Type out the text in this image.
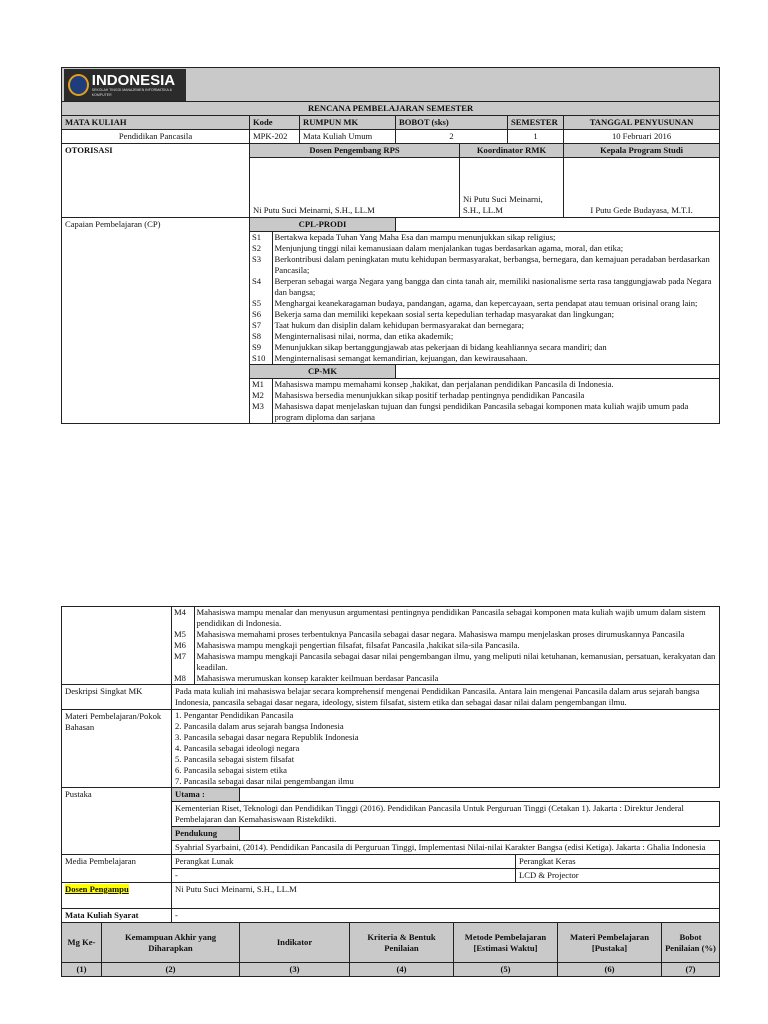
INDONESIA
SEKOLAH TINGGI MANAJEMEN INFORMATIKA & KOMPUTER

RENCANA PEMBELAJARAN SEMESTER
MATA KULIAH	Kode	RUMPUN MK	BOBOT (sks)	SEMESTER	TANGGAL PENYUSUNAN
Pendidikan Pancasila	MPK-202	Mata Kuliah Umum	2	1	10 Februari 2016
OTORISASI	Dosen Pengembang RPS	Koordinator RMK	Kepala Program Studi
Ni Putu Suci Meinarni, S.H., LL.M	Ni Putu Suci Meinarni, S.H., LL.M	I Putu Gede Budayasa, M.T.I.
Capaian Pembelajaran (CP)	CPL-PRODI	

S1	Bertakwa kepada Tuhan Yang Maha Esa dan mampu menunjukkan sikap religius;
S2	Menjunjung tinggi nilai kemanusiaan dalam menjalankan tugas berdasarkan agama, moral, dan etika;
S3	Berkontribusi dalam peningkatan mutu kehidupan bermasyarakat, berbangsa, bernegara, dan kemajuan peradaban berdasarkan Pancasila;
S4	Berperan sebagai warga Negara yang bangga dan cinta tanah air, memiliki nasionalisme serta rasa tanggungjawab pada Negara dan bangsa;
S5	Menghargai keanekaragaman budaya, pandangan, agama, dan kepercayaan, serta pendapat atau temuan orisinal orang lain;
S6	Bekerja sama dan memiliki kepekaan sosial serta kepedulian terhadap masyarakat dan lingkungan;
S7	Taat hukum dan disiplin dalam kehidupan bermasyarakat dan bernegara;
S8	Menginternalisasi nilai, norma, dan etika akademik;
S9	Menunjukkan sikap bertanggungjawab atas pekerjaan di bidang keahliannya secara mandiri; dan
S10	Menginternalisasi semangat kemandirian, kejuangan, dan kewirausahaan.

CP-MK	

M1	Mahasiswa mampu memahami konsep ,hakikat, dan perjalanan pendidikan Pancasila di Indonesia.
M2	Mahasiswa bersedia menunjukkan sikap positif terhadap pentingnya pendidikan Pancasila
M3	Mahasiswa dapat menjelaskan tujuan dan fungsi pendidikan Pancasila sebagai komponen mata kuliah wajib umum pada program diploma dan sarjana

M4	Mahasiswa mampu menalar dan menyusun argumentasi pentingnya pendidikan Pancasila sebagai komponen mata kuliah wajib umum dalam sistem pendidikan di Indonesia.
M5	Mahasiswa memahami proses terbentuknya Pancasila sebagai dasar negara. Mahasiswa mampu menjelaskan proses dirumuskannya Pancasila
M6	Mahasiswa mampu mengkaji pengertian filsafat, filsafat Pancasila ,hakikat sila-sila Pancasila.
M7	Mahasiswa mampu mengkaji Pancasila sebagai dasar nilai pengembangan ilmu, yang meliputi nilai ketuhanan, kemanusian, persatuan, kerakyatan dan keadilan.
M8	Mahasiswa merumuskan konsep karakter keilmuan berdasar Pancasila

Deskripsi Singkat MK	Pada mata kuliah ini mahasiswa belajar secara komprehensif mengenai Pendidikan Pancasila. Antara lain mengenai Pancasila dalam arus sejarah bangsa Indonesia, pancasila sebagai dasar negara, ideology, sistem filsafat, sistem etika dan sebagai dasar nilai dalam pengembangan ilmu.
Materi Pembelajaran/Pokok Bahasan	
1. Pengantar Pendidikan Pancasila
2. Pancasila dalam arus sejarah bangsa Indonesia
3. Pancasila sebagai dasar negara Republik Indonesia
4. Pancasila sebagai ideologi negara
5. Pancasila sebagai sistem filsafat
6. Pancasila sebagai sistem etika
7. Pancasila sebagai dasar nilai pengembangan ilmu

Pustaka	Utama :	
Kementerian Riset, Teknologi dan Pendidikan Tinggi (2016). Pendidikan Pancasila Untuk Perguruan Tinggi (Cetakan 1). Jakarta : Direktur Jenderal Pembelajaran dan Kemahasiswaan Ristekdikti.
Pendukung	
Syahrial Syarbaini, (2014). Pendidikan Pancasila di Perguruan Tinggi, Implementasi Nilai-nilai Karakter Bangsa (edisi Ketiga). Jakarta : Ghalia Indonesia
Media Pembelajaran	Perangkat Lunak	Perangkat Keras
-	LCD & Projector
Dosen Pengampu	Ni Putu Suci Meinarni, S.H., LL.M
Mata Kuliah Syarat	-
Mg Ke-	Kemampuan Akhir yang Diharapkan	Indikator	Kriteria & Bentuk Penilaian	Metode Pembelajaran [Estimasi Waktu]	Materi Pembelajaran [Pustaka]	Bobot Penilaian (%)
(1)	(2)	(3)	(4)	(5)	(6)	(7)
